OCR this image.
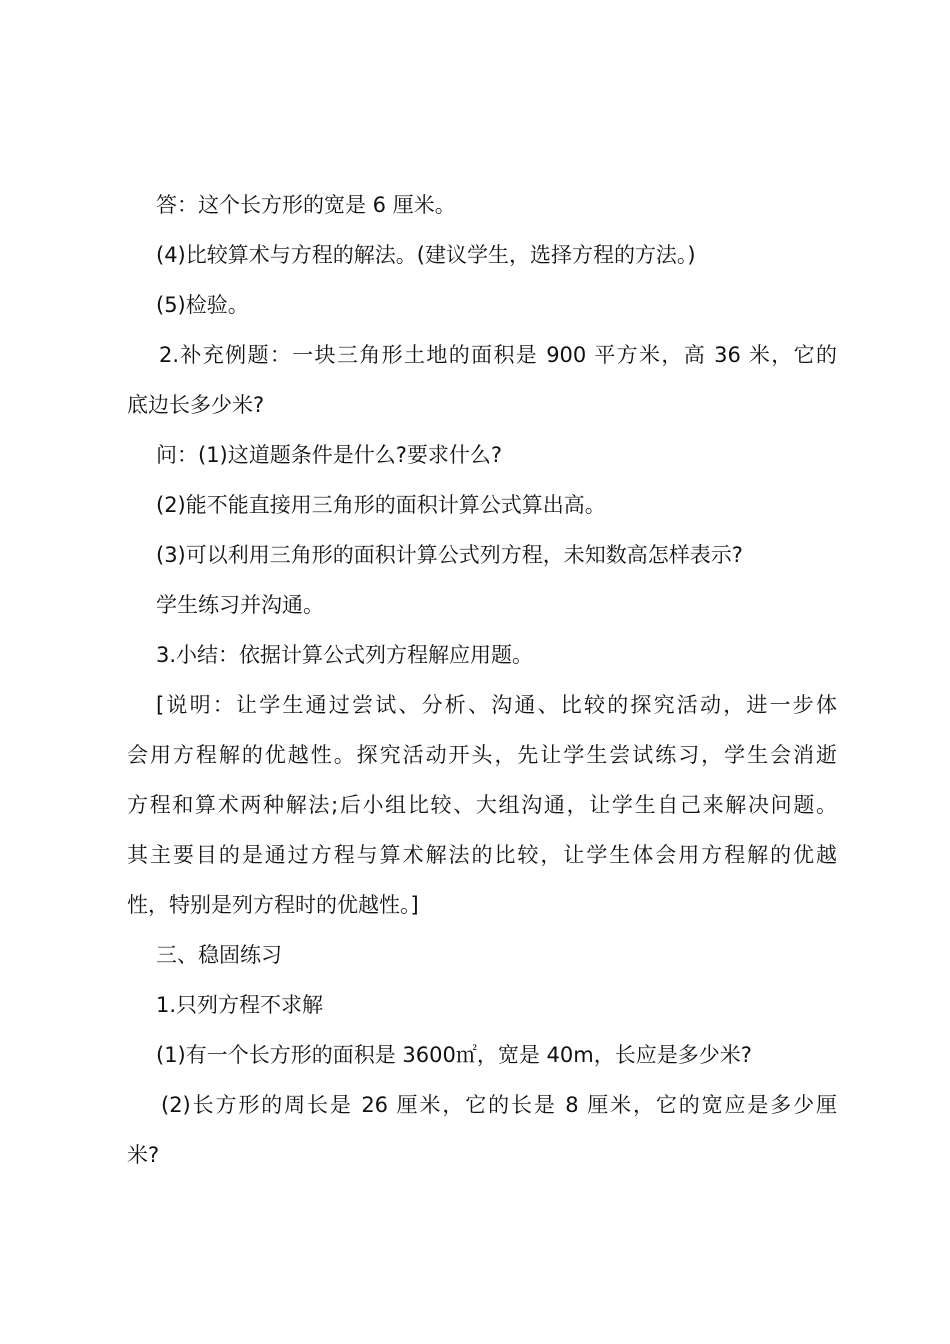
答：这个长方形的宽是 6 厘米。
(4)比较算术与方程的解法。(建议学生，选择方程的方法。)
(5)检验。
2.补充例题：一块三角形土地的面积是 900 平方米，高 36 米，它的
底边长多少米?
问：(1)这道题条件是什么?要求什么?
(2)能不能直接用三角形的面积计算公式算出高。
(3)可以利用三角形的面积计算公式列方程，未知数高怎样表示?
学生练习并沟通。
3.小结：依据计算公式列方程解应用题。
[说明：让学生通过尝试、分析、沟通、比较的探究活动，进一步体
会用方程解的优越性。探究活动开头，先让学生尝试练习，学生会消逝
方程和算术两种解法;后小组比较、大组沟通，让学生自己来解决问题。
其主要目的是通过方程与算术解法的比较，让学生体会用方程解的优越
性，特别是列方程时的优越性。]
三、稳固练习
1.只列方程不求解
(1)有一个长方形的面积是 3600㎡，宽是 40m，长应是多少米?
(2)长方形的周长是 26 厘米，它的长是 8 厘米，它的宽应是多少厘
米?
